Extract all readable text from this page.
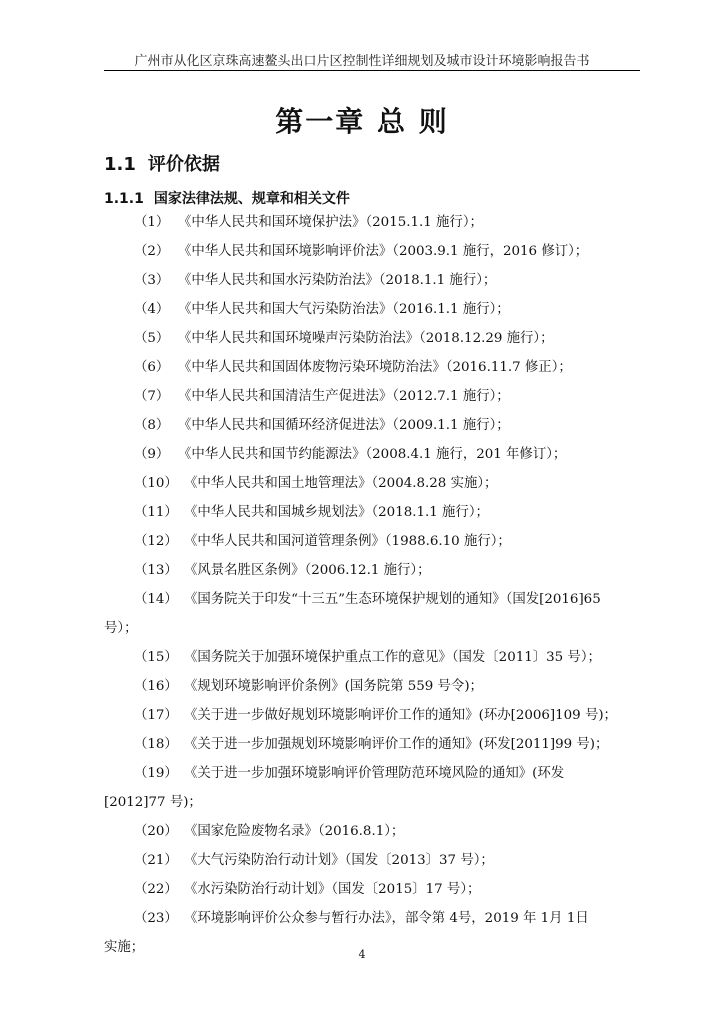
广州市从化区京珠高速鳌头出口片区控制性详细规划及城市设计环境影响报告书
第一章 总 则
1.1 评价依据
1.1.1 国家法律法规、规章和相关文件
（1） 《中华人民共和国环境保护法》（2015.1.1 施行）；
（2） 《中华人民共和国环境影响评价法》（2003.9.1 施行，2016 修订）；
（3） 《中华人民共和国水污染防治法》（2018.1.1 施行）；
（4） 《中华人民共和国大气污染防治法》（2016.1.1 施行）；
（5） 《中华人民共和国环境噪声污染防治法》（2018.12.29 施行）；
（6） 《中华人民共和国固体废物污染环境防治法》（2016.11.7 修正）；
（7） 《中华人民共和国清洁生产促进法》（2012.7.1 施行）；
（8） 《中华人民共和国循环经济促进法》（2009.1.1 施行）；
（9） 《中华人民共和国节约能源法》（2008.4.1 施行，201 年修订）；
（10） 《中华人民共和国土地管理法》（2004.8.28 实施）；
（11） 《中华人民共和国城乡规划法》（2018.1.1 施行）；
（12） 《中华人民共和国河道管理条例》（1988.6.10 施行）；
（13） 《风景名胜区条例》（2006.12.1 施行）；
（14） 《国务院关于印发“十三五”生态环境保护规划的通知》（国发[2016]65
号）；
（15） 《国务院关于加强环境保护重点工作的意见》（国发〔2011〕35 号）；
（16） 《规划环境影响评价条例》(国务院第 559 号令)；
（17） 《关于进一步做好规划环境影响评价工作的通知》(环办[2006]109 号)；
（18） 《关于进一步加强规划环境影响评价工作的通知》(环发[2011]99 号)；
（19） 《关于进一步加强环境影响评价管理防范环境风险的通知》(环发
[2012]77 号)；
（20） 《国家危险废物名录》（2016.8.1）；
（21） 《大气污染防治行动计划》（国发〔2013〕37 号）；
（22） 《水污染防治行动计划》（国发〔2015〕17 号）；
（23） 《环境影响评价公众参与暂行办法》，部令第 4号，2019 年 1月 1日
实施；	4
